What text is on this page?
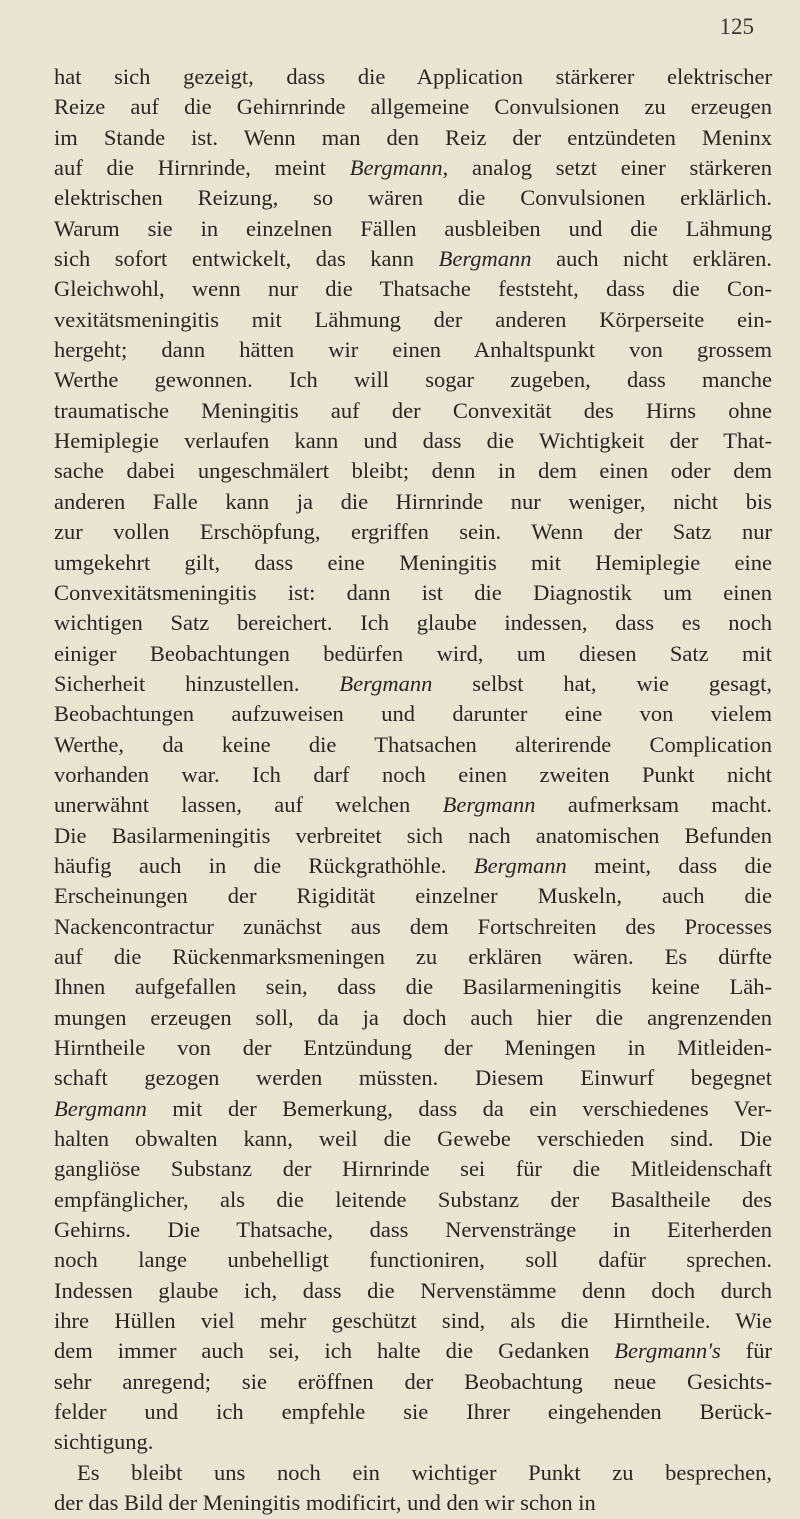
125
hat sich gezeigt, dass die Application stärkerer elektrischer
Reize auf die Gehirnrinde allgemeine Convulsionen zu erzeugen
im Stande ist. Wenn man den Reiz der entzündeten Meninx
auf die Hirnrinde, meint Bergmann, analog setzt einer stärkeren
elektrischen Reizung, so wären die Convulsionen erklärlich.
Warum sie in einzelnen Fällen ausbleiben und die Lähmung
sich sofort entwickelt, das kann Bergmann auch nicht erklären.
Gleichwohl, wenn nur die Thatsache feststeht, dass die Con-
vexitätsmeningitis mit Lähmung der anderen Körperseite ein-
hergeht; dann hätten wir einen Anhaltspunkt von grossem
Werthe gewonnen. Ich will sogar zugeben, dass manche
traumatische Meningitis auf der Convexität des Hirns ohne
Hemiplegie verlaufen kann und dass die Wichtigkeit der That-
sache dabei ungeschmälert bleibt; denn in dem einen oder dem
anderen Falle kann ja die Hirnrinde nur weniger, nicht bis
zur vollen Erschöpfung, ergriffen sein. Wenn der Satz nur
umgekehrt gilt, dass eine Meningitis mit Hemiplegie eine
Convexitätsmeningitis ist: dann ist die Diagnostik um einen
wichtigen Satz bereichert. Ich glaube indessen, dass es noch
einiger Beobachtungen bedürfen wird, um diesen Satz mit
Sicherheit hinzustellen. Bergmann selbst hat, wie gesagt,
Beobachtungen aufzuweisen und darunter eine von vielem
Werthe, da keine die Thatsachen alterirende Complication
vorhanden war. Ich darf noch einen zweiten Punkt nicht
unerwähnt lassen, auf welchen Bergmann aufmerksam macht.
Die Basilarmeningitis verbreitet sich nach anatomischen Befunden
häufig auch in die Rückgrathöhle. Bergmann meint, dass die
Erscheinungen der Rigidität einzelner Muskeln, auch die
Nackencontractur zunächst aus dem Fortschreiten des Processes
auf die Rückenmarksmeningen zu erklären wären. Es dürfte
Ihnen aufgefallen sein, dass die Basilarmeningitis keine Läh-
mungen erzeugen soll, da ja doch auch hier die angrenzenden
Hirntheile von der Entzündung der Meningen in Mitleiden-
schaft gezogen werden müssten. Diesem Einwurf begegnet
Bergmann mit der Bemerkung, dass da ein verschiedenes Ver-
halten obwalten kann, weil die Gewebe verschieden sind. Die
gangliöse Substanz der Hirnrinde sei für die Mitleidenschaft
empfänglicher, als die leitende Substanz der Basaltheile des
Gehirns. Die Thatsache, dass Nervenstränge in Eiterherden
noch lange unbehelligt functioniren, soll dafür sprechen.
Indessen glaube ich, dass die Nervenstämme denn doch durch
ihre Hüllen viel mehr geschützt sind, als die Hirntheile. Wie
dem immer auch sei, ich halte die Gedanken Bergmann's für
sehr anregend; sie eröffnen der Beobachtung neue Gesichts-
felder und ich empfehle sie Ihrer eingehenden Berück-
sichtigung.
Es bleibt uns noch ein wichtiger Punkt zu besprechen,
der das Bild der Meningitis modificirt, und den wir schon in
